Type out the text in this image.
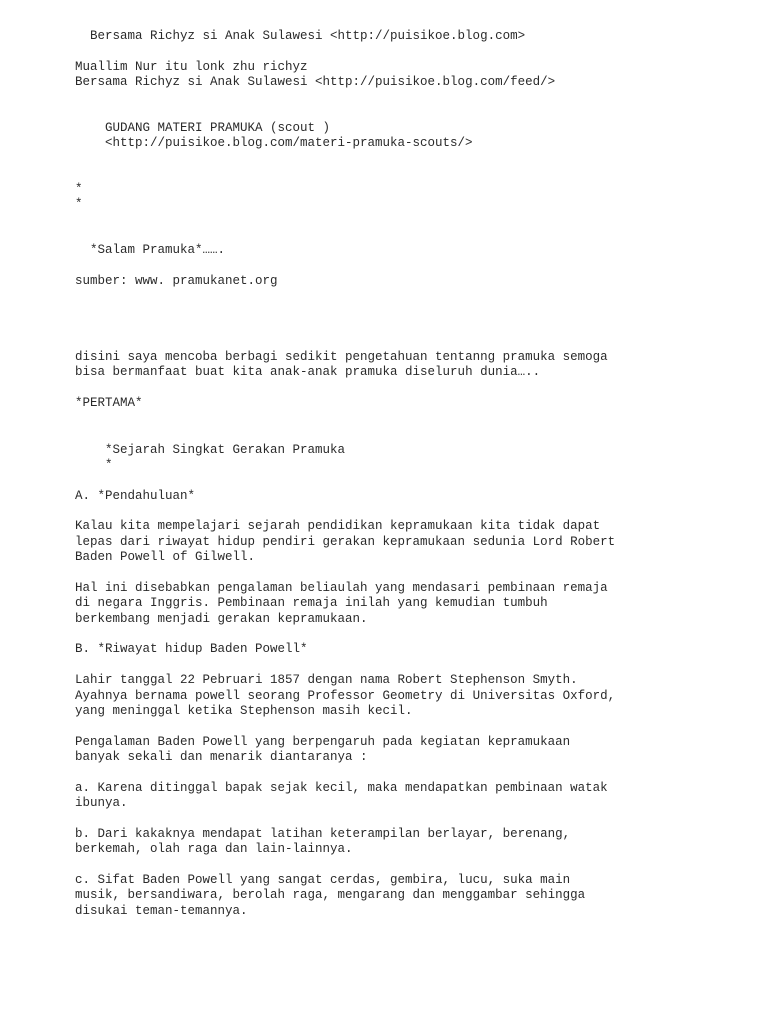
Bersama Richyz si Anak Sulawesi <http://puisikoe.blog.com>
Muallim Nur itu lonk zhu richyz
Bersama Richyz si Anak Sulawesi <http://puisikoe.blog.com/feed/>
GUDANG MATERI PRAMUKA (scout )
<http://puisikoe.blog.com/materi-pramuka-scouts/>
*
*
*Salam Pramuka*…….
sumber: www. pramukanet.org
disini saya mencoba berbagi sedikit pengetahuan tentanng pramuka semoga
bisa bermanfaat buat kita anak-anak pramuka diseluruh dunia…..
*PERTAMA*
*Sejarah Singkat Gerakan Pramuka
*
A. *Pendahuluan*
Kalau kita mempelajari sejarah pendidikan kepramukaan kita tidak dapat
lepas dari riwayat hidup pendiri gerakan kepramukaan sedunia Lord Robert
Baden Powell of Gilwell.
Hal ini disebabkan pengalaman beliaulah yang mendasari pembinaan remaja
di negara Inggris. Pembinaan remaja inilah yang kemudian tumbuh
berkembang menjadi gerakan kepramukaan.
B. *Riwayat hidup Baden Powell*
Lahir tanggal 22 Pebruari 1857 dengan nama Robert Stephenson Smyth.
Ayahnya bernama powell seorang Professor Geometry di Universitas Oxford,
yang meninggal ketika Stephenson masih kecil.
Pengalaman Baden Powell yang berpengaruh pada kegiatan kepramukaan
banyak sekali dan menarik diantaranya :
a. Karena ditinggal bapak sejak kecil, maka mendapatkan pembinaan watak
ibunya.
b. Dari kakaknya mendapat latihan keterampilan berlayar, berenang,
berkemah, olah raga dan lain-lainnya.
c. Sifat Baden Powell yang sangat cerdas, gembira, lucu, suka main
musik, bersandiwara, berolah raga, mengarang dan menggambar sehingga
disukai teman-temannya.
